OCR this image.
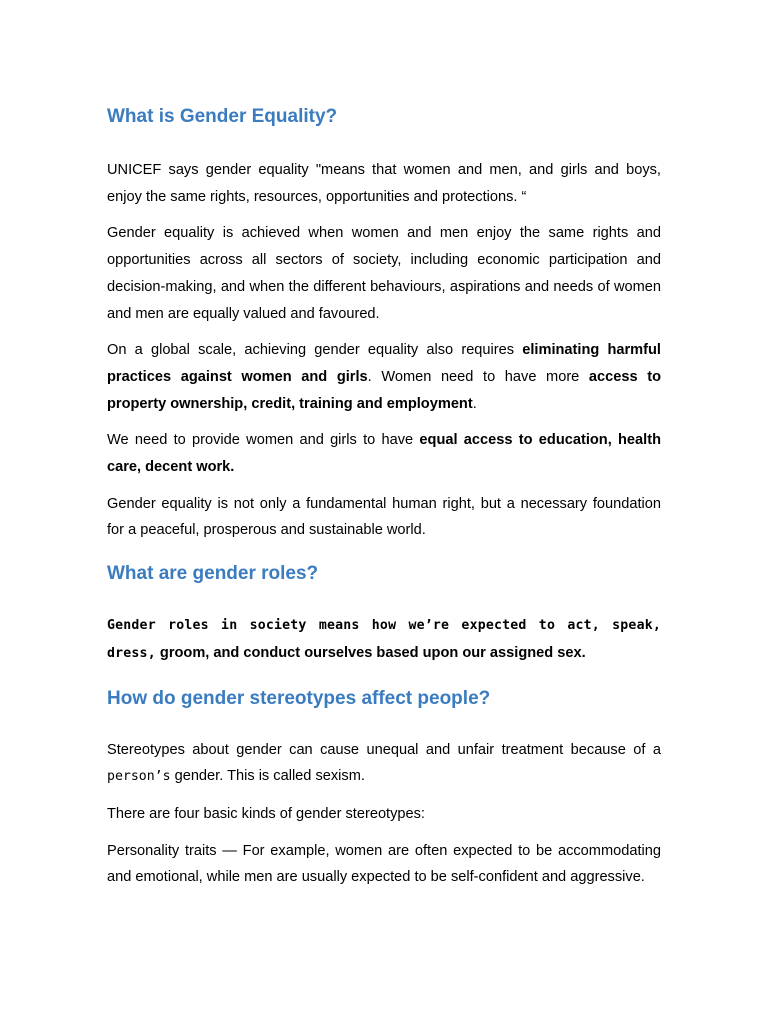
What is Gender Equality?

UNICEF says gender equality "means that women and men, and girls and boys, enjoy the same rights, resources, opportunities and protections. “

Gender equality is achieved when women and men enjoy the same rights and opportunities across all sectors of society, including economic participation and decision-making, and when the different behaviours, aspirations and needs of women and men are equally valued and favoured.

On a global scale, achieving gender equality also requires eliminating harmful practices against women and girls. Women need to have more access to property ownership, credit, training and employment.

We need to provide women and girls to have equal access to education, health care, decent work.

Gender equality is not only a fundamental human right, but a necessary foundation for a peaceful, prosperous and sustainable world.

What are gender roles?

Gender roles in society means how we’re expected to act, speak, dress, groom, and conduct ourselves based upon our assigned sex.

How do gender stereotypes affect people?

Stereotypes about gender can cause unequal and unfair treatment because of a person’s gender. This is called sexism.

There are four basic kinds of gender stereotypes:

Personality traits — For example, women are often expected to be accommodating and emotional, while men are usually expected to be self-confident and aggressive.
